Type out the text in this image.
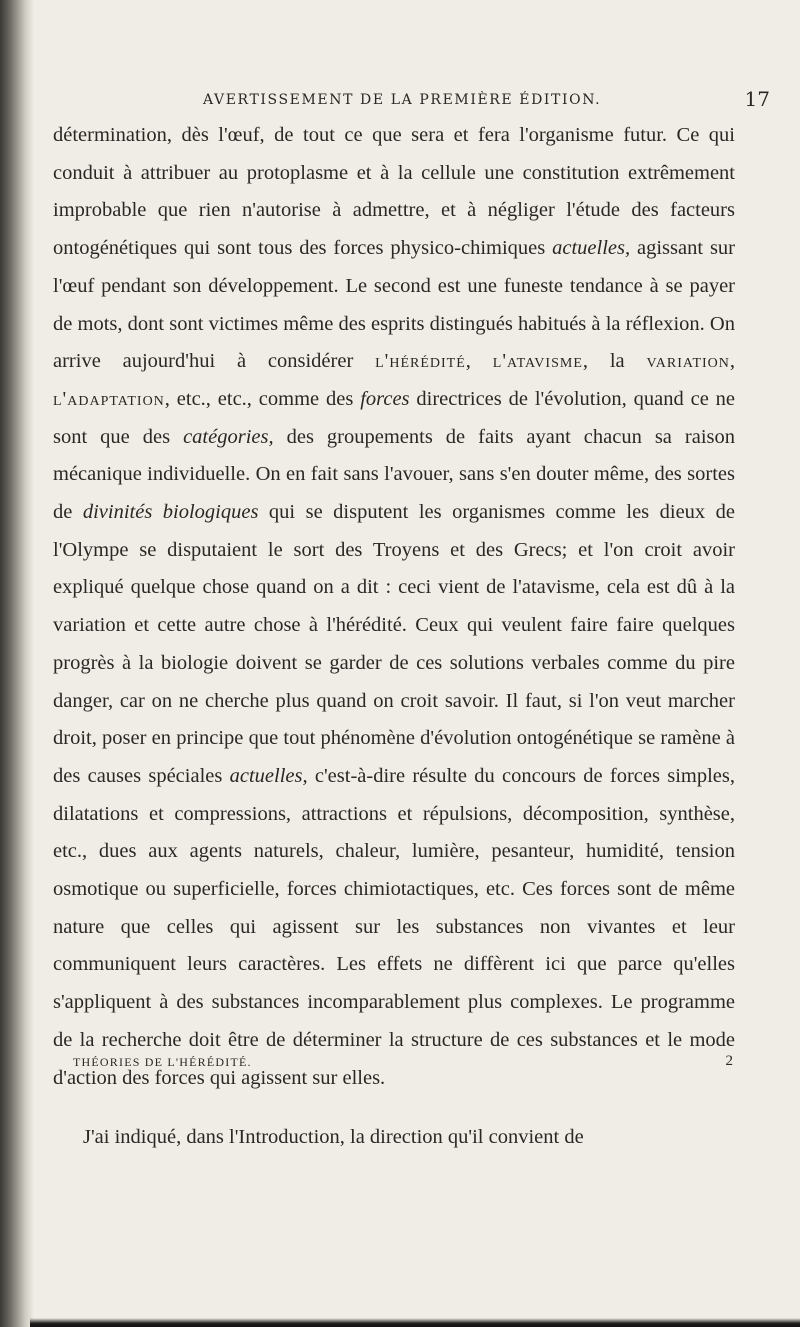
AVERTISSEMENT DE LA PREMIÈRE ÉDITION.	17

détermination, dès l'œuf, de tout ce que sera et fera l'organisme futur. Ce qui conduit à attribuer au protoplasme et à la cellule une constitution extrêmement improbable que rien n'autorise à admettre, et à négliger l'étude des facteurs ontogénétiques qui sont tous des forces physico-chimiques actuelles, agissant sur l'œuf pendant son développement. Le second est une funeste tendance à se payer de mots, dont sont victimes même des esprits distingués habitués à la réflexion. On arrive aujourd'hui à considérer l'hérédité, l'atavisme, la variation, l'adaptation, etc., etc., comme des forces directrices de l'évolution, quand ce ne sont que des catégories, des groupements de faits ayant chacun sa raison mécanique individuelle. On en fait sans l'avouer, sans s'en douter même, des sortes de divinités biologiques qui se disputent les organismes comme les dieux de l'Olympe se disputaient le sort des Troyens et des Grecs; et l'on croit avoir expliqué quelque chose quand on a dit : ceci vient de l'atavisme, cela est dû à la variation et cette autre chose à l'hérédité. Ceux qui veulent faire faire quelques progrès à la biologie doivent se garder de ces solutions verbales comme du pire danger, car on ne cherche plus quand on croit savoir. Il faut, si l'on veut marcher droit, poser en principe que tout phénomène d'évolution ontogénétique se ramène à des causes spéciales actuelles, c'est-à-dire résulte du concours de forces simples, dilatations et compressions, attractions et répulsions, décomposition, synthèse, etc., dues aux agents naturels, chaleur, lumière, pesanteur, humidité, tension osmotique ou superficielle, forces chimiotactiques, etc. Ces forces sont de même nature que celles qui agissent sur les substances non vivantes et leur communiquent leurs caractères. Les effets ne diffèrent ici que parce qu'elles s'appliquent à des substances incomparablement plus complexes. Le programme de la recherche doit être de déterminer la structure de ces substances et le mode d'action des forces qui agissent sur elles.

J'ai indiqué, dans l'Introduction, la direction qu'il convient de

THÉORIES DE L'HÉRÉDITÉ.	2
